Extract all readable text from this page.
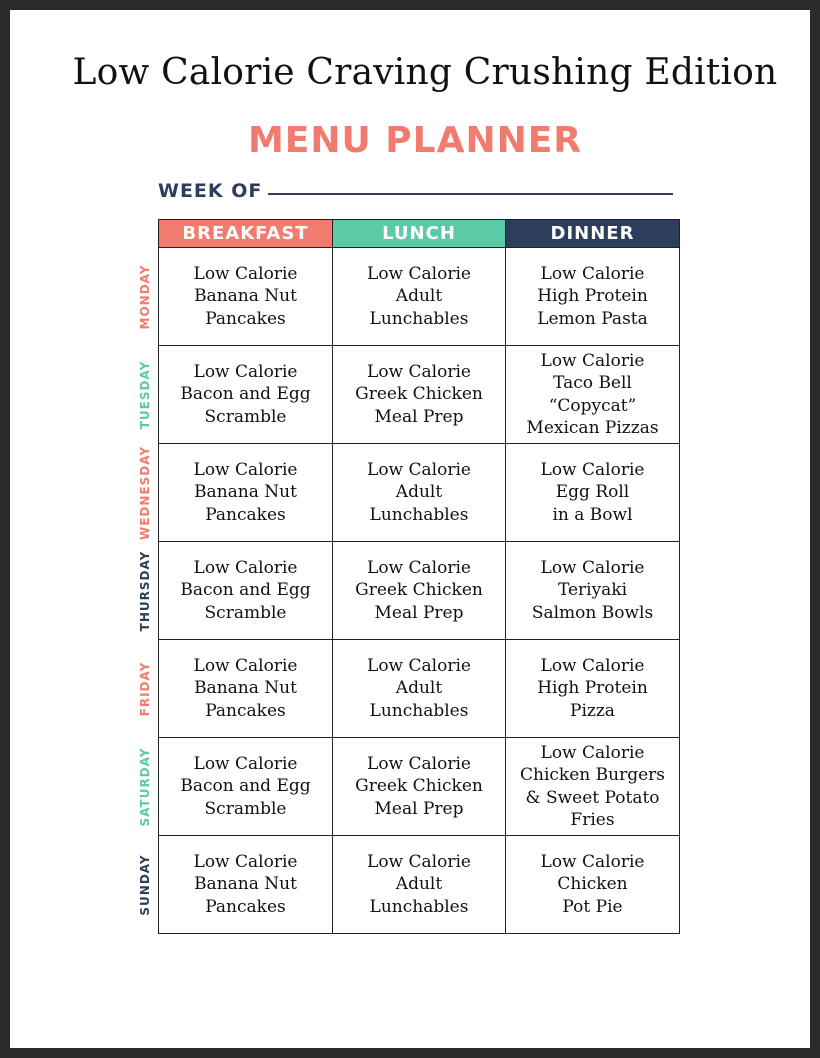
Low Calorie Craving Crushing Edition
MENU PLANNER
WEEK OF
MONDAY
TUESDAY
WEDNESDAY
THURSDAY
FRIDAY
SATURDAY
SUNDAY
BREAKFAST	LUNCH	DINNER
Low Calorie
Banana Nut
Pancakes
Low Calorie
Adult
Lunchables
Low Calorie
High Protein
Lemon Pasta
Low Calorie
Bacon and Egg
Scramble
Low Calorie
Greek Chicken
Meal Prep
Low Calorie
Taco Bell
“Copycat”
Mexican Pizzas
Low Calorie
Banana Nut
Pancakes
Low Calorie
Adult
Lunchables
Low Calorie
Egg Roll
in a Bowl
Low Calorie
Bacon and Egg
Scramble
Low Calorie
Greek Chicken
Meal Prep
Low Calorie
Teriyaki
Salmon Bowls
Low Calorie
Banana Nut
Pancakes
Low Calorie
Adult
Lunchables
Low Calorie
High Protein
Pizza
Low Calorie
Bacon and Egg
Scramble
Low Calorie
Greek Chicken
Meal Prep
Low Calorie
Chicken Burgers
& Sweet Potato
Fries
Low Calorie
Banana Nut
Pancakes
Low Calorie
Adult
Lunchables
Low Calorie
Chicken
Pot Pie
